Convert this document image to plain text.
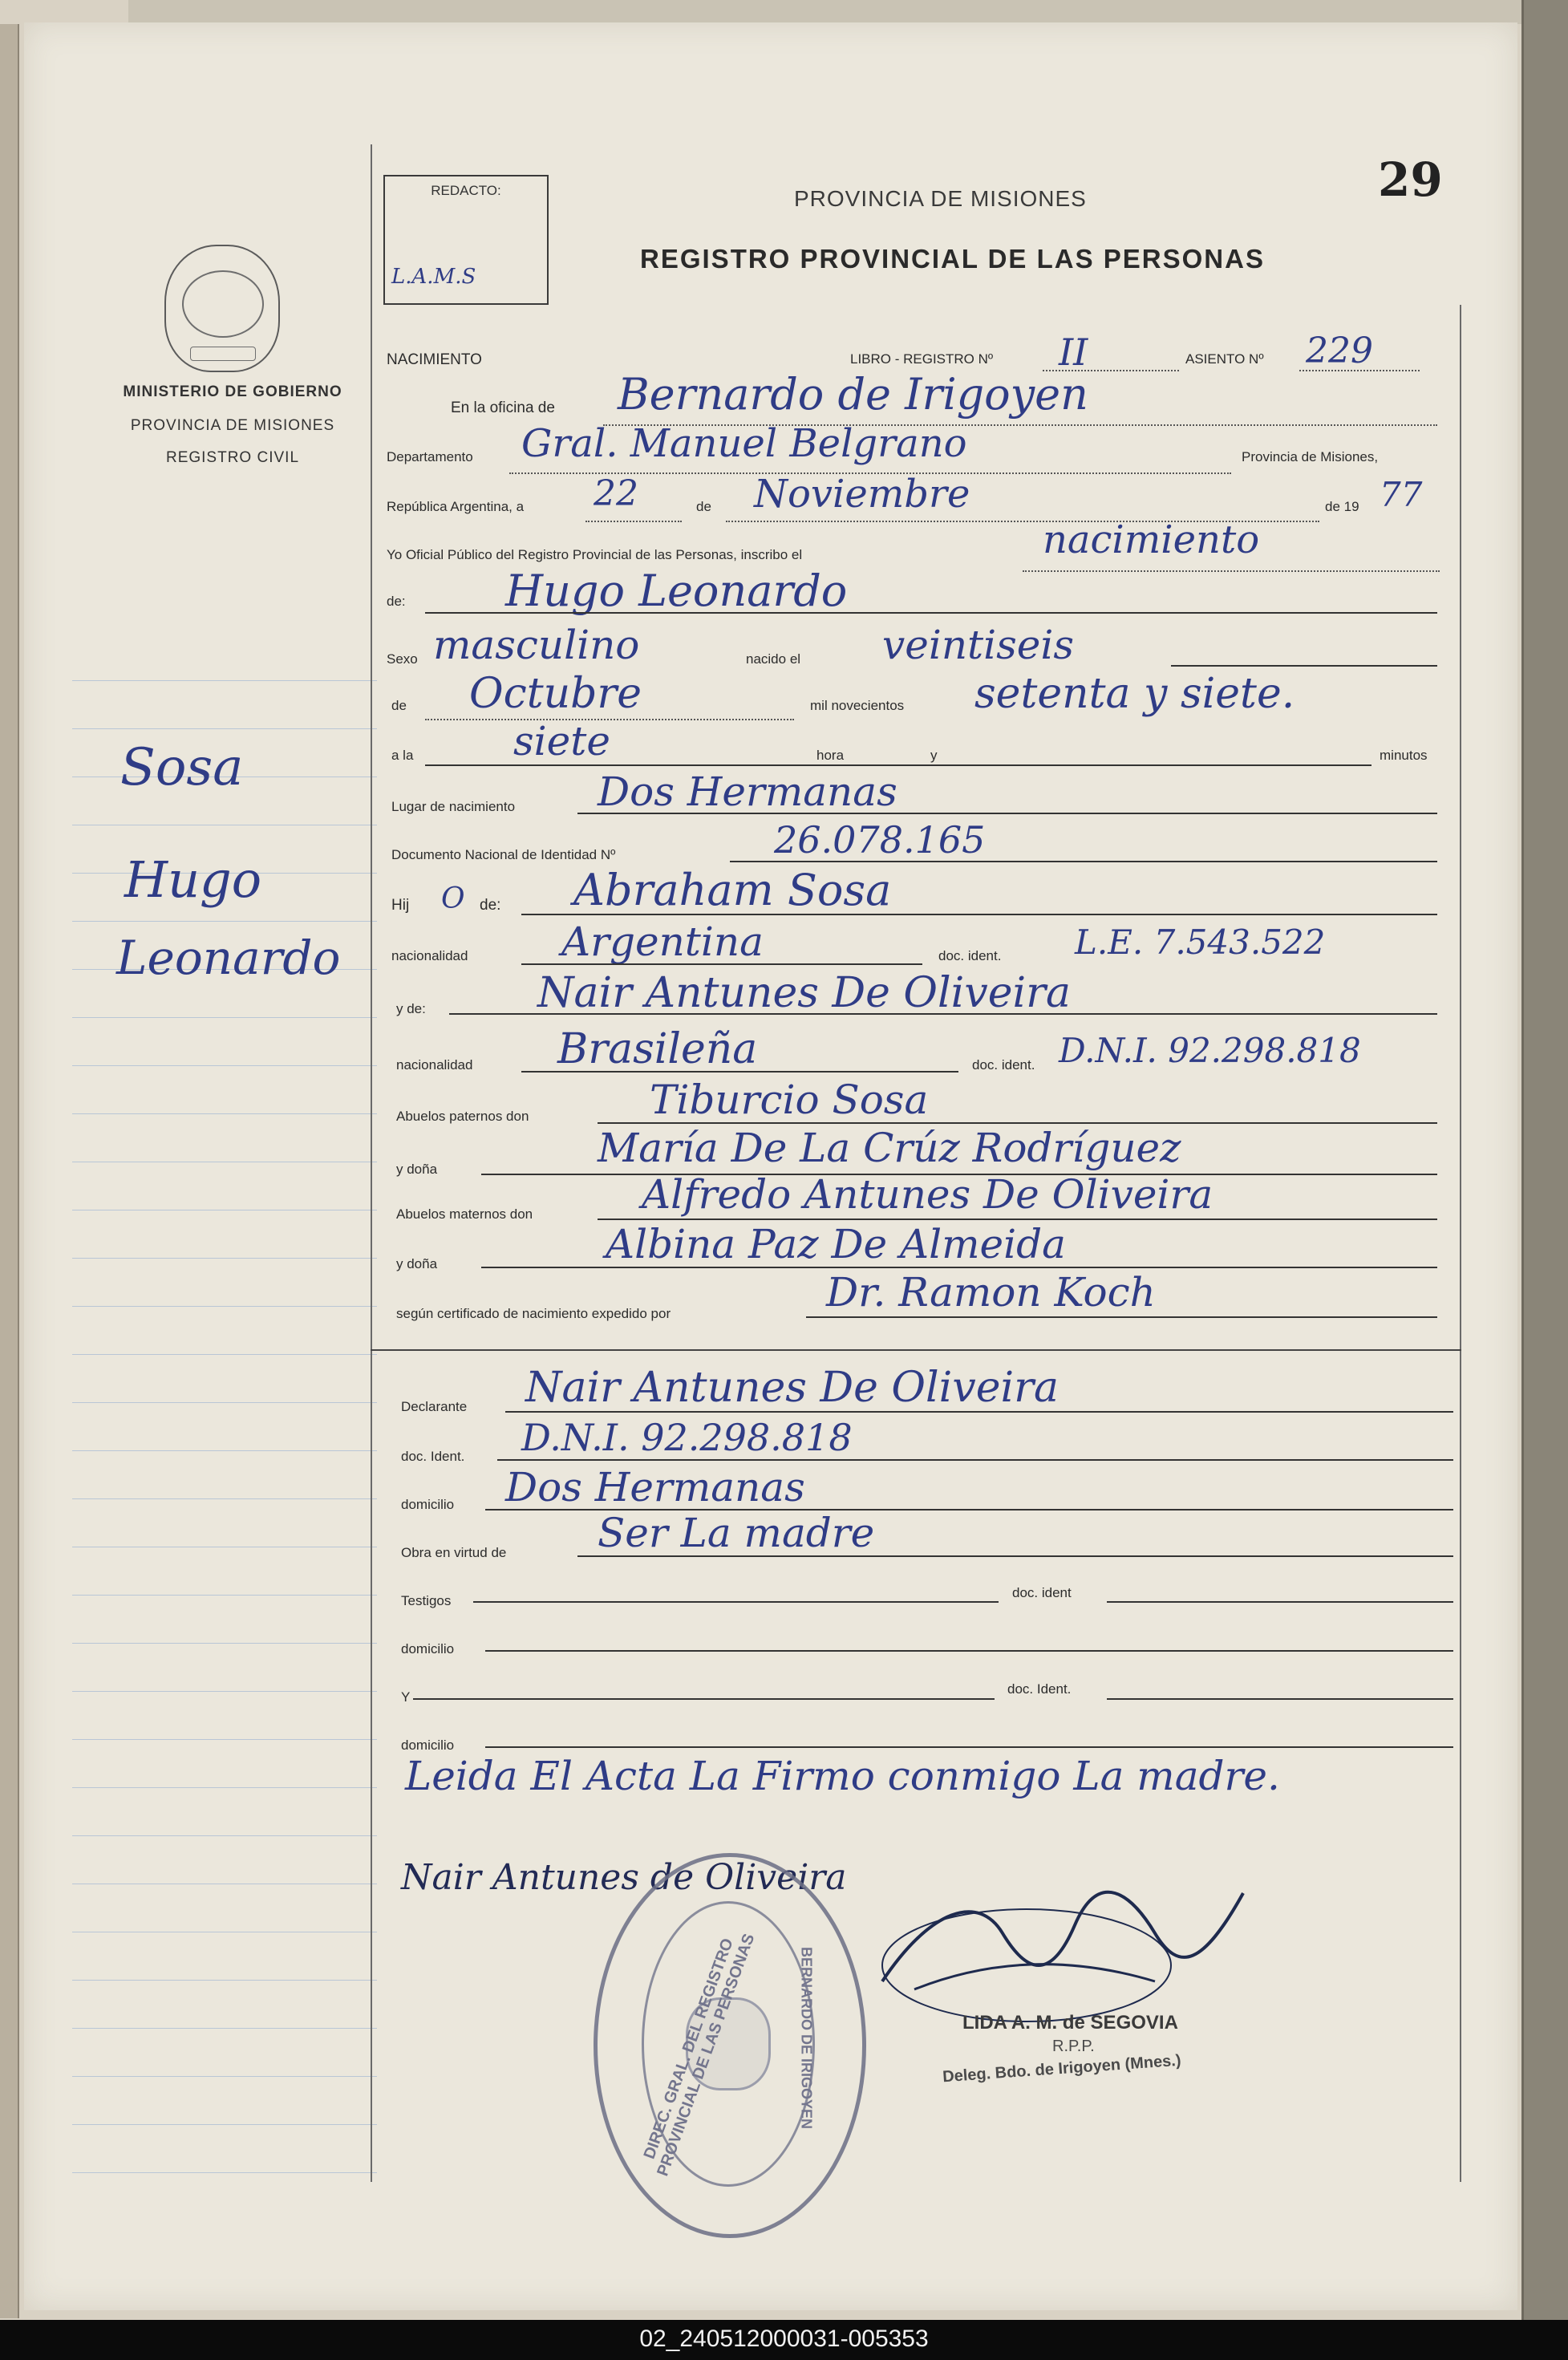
MINISTERIO DE GOBIERNO
PROVINCIA DE MISIONES
REGISTRO CIVIL
Sosa
Hugo
Leonardo
REDACTO:
L.A.M.S
29
PROVINCIA DE MISIONES
REGISTRO PROVINCIAL DE LAS PERSONAS
NACIMIENTO	LIBRO - REGISTRO Nº II	ASIENTO Nº 229
En la oficina de Bernardo de Irigoyen
Departamento Gral. Manuel Belgrano	Provincia de Misiones,
República Argentina, a 22	de Noviembre	de 19 77
Yo Oficial Público del Registro Provincial de las Personas, inscribo el	nacimiento
de: Hugo Leonardo
Sexo masculino	nacido el veintiseis
de Octubre	mil novecientos setenta y siete.
a la siete	hora	y	minutos
Lugar de nacimiento Dos Hermanas
Documento Nacional de Identidad Nº	26.078.165
Hij O de: Abraham Sosa
nacionalidad Argentina	doc. ident. L.E. 7.543.522
y de:	Nair Antunes De Oliveira
nacionalidad Brasileña	doc. ident. D.N.I. 92.298.818
Abuelos paternos don	Tiburcio Sosa
y doña	María De La Crúz Rodríguez
Abuelos maternos don	Alfredo Antunes De Oliveira
y doña	Albina Paz De Almeida
según certificado de nacimiento expedido por	Dr. Ramon Koch
Declarante Nair Antunes De Oliveira
doc. Ident. D.N.I. 92.298.818
domicilio Dos Hermanas
Obra en virtud de Ser La madre
Testigos
doc. ident
domicilio
Y
doc. Ident.
domicilio
Leida El Acta La Firmo conmigo La madre.
Nair Antunes de Oliveira
DIREC. GRAL. DEL REGISTRO PROVINCIAL DE LAS PERSONAS	BERNARDO DE IRIGOYEN	LIDA A. M. de SEGOVIA
R.P.P.
Deleg. Bdo. de Irigoyen (Mnes.)
02_240512000031-005353
